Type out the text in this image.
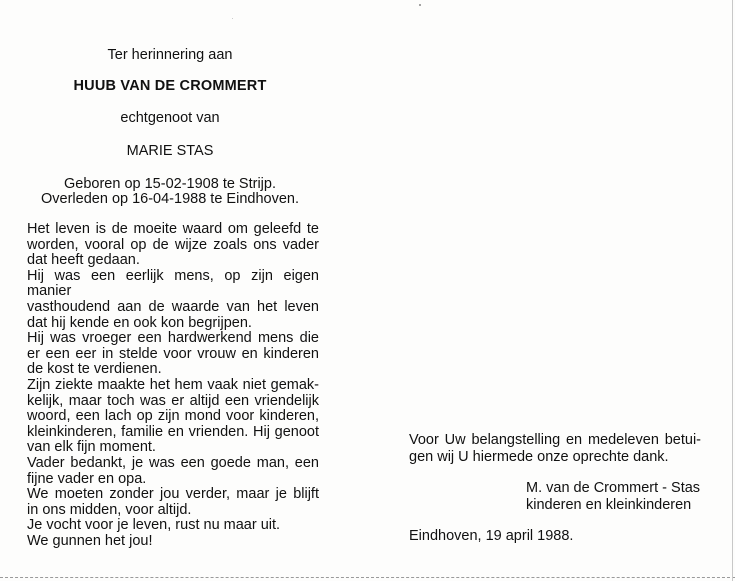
Ter herinnering aan
HUUB VAN DE CROMMERT
echtgenoot van
MARIE STAS
Geboren op 15-02-1908 te Strijp.
Overleden op 16-04-1988 te Eindhoven.
Het leven is de moeite waard om geleefd te
worden, vooral op de wijze zoals ons vader
dat heeft gedaan.
Hij was een eerlijk mens, op zijn eigen manier
vasthoudend aan de waarde van het leven
dat hij kende en ook kon begrijpen.
Hij was vroeger een hardwerkend mens die
er een eer in stelde voor vrouw en kinderen
de kost te verdienen.
Zijn ziekte maakte het hem vaak niet gemak-
kelijk, maar toch was er altijd een vriendelijk
woord, een lach op zijn mond voor kinderen,
kleinkinderen, familie en vrienden. Hij genoot
van elk fijn moment.
Vader bedankt, je was een goede man, een
fijne vader en opa.
We moeten zonder jou verder, maar je blijft
in ons midden, voor altijd.
Je vocht voor je leven, rust nu maar uit.
We gunnen het jou!
Voor Uw belangstelling en medeleven betui-
gen wij U hiermede onze oprechte dank.
M. van de Crommert - Stas
kinderen en kleinkinderen
Eindhoven, 19 april 1988.
